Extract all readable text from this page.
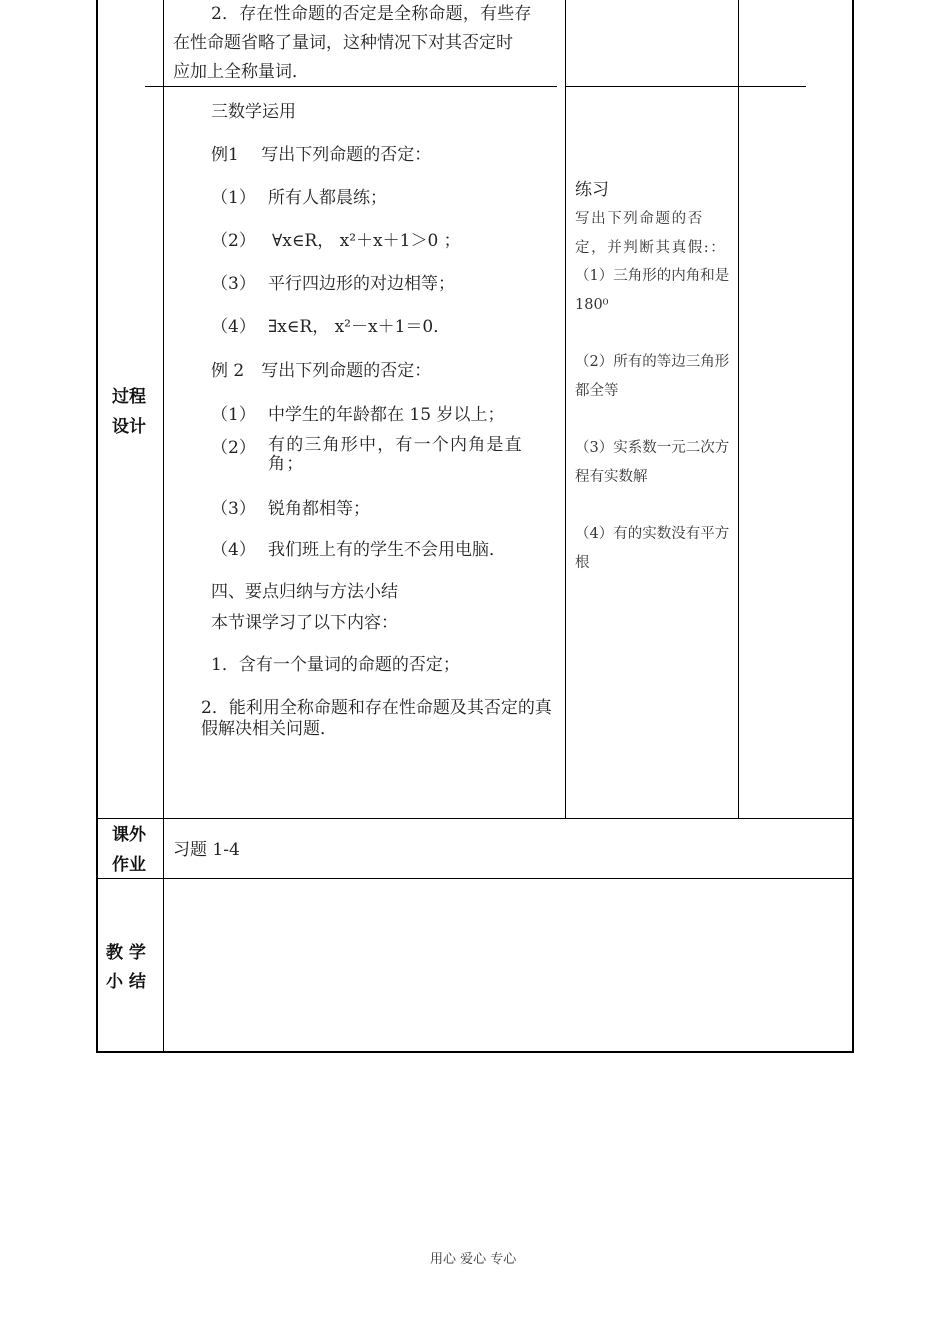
2．存在性命题的否定是全称命题，有些存
在性命题省略了量词，这种情况下对其否定时
应加上全称量词．
过程
设计
三数学运用
例1　 写出下列命题的否定：
（1） 所有人都晨练；
（2） ∀x∈R， x²＋x＋1＞0 ；
（3） 平行四边形的对边相等；
（4） ∃x∈R， x²－x＋1＝0．
例 2　写出下列命题的否定：
（1） 中学生的年龄都在 15 岁以上；
（2） 有的三角形中，有一个内角是直角；
（3） 锐角都相等；
（4） 我们班上有的学生不会用电脑．
四、要点归纳与方法小结
本节课学习了以下内容：
1．含有一个量词的命题的否定；
2．能利用全称命题和存在性命题及其否定的真假解决相关问题．
练习
写出下列命题的否定，并判断其真假:：
（1）三角形的内角和是 180⁰
（2）所有的等边三角形都全等
（3）实系数一元二次方程有实数解
（4）有的实数没有平方根
课外
作业
习题 1-4
教 学
小 结
用心 爱心 专心
